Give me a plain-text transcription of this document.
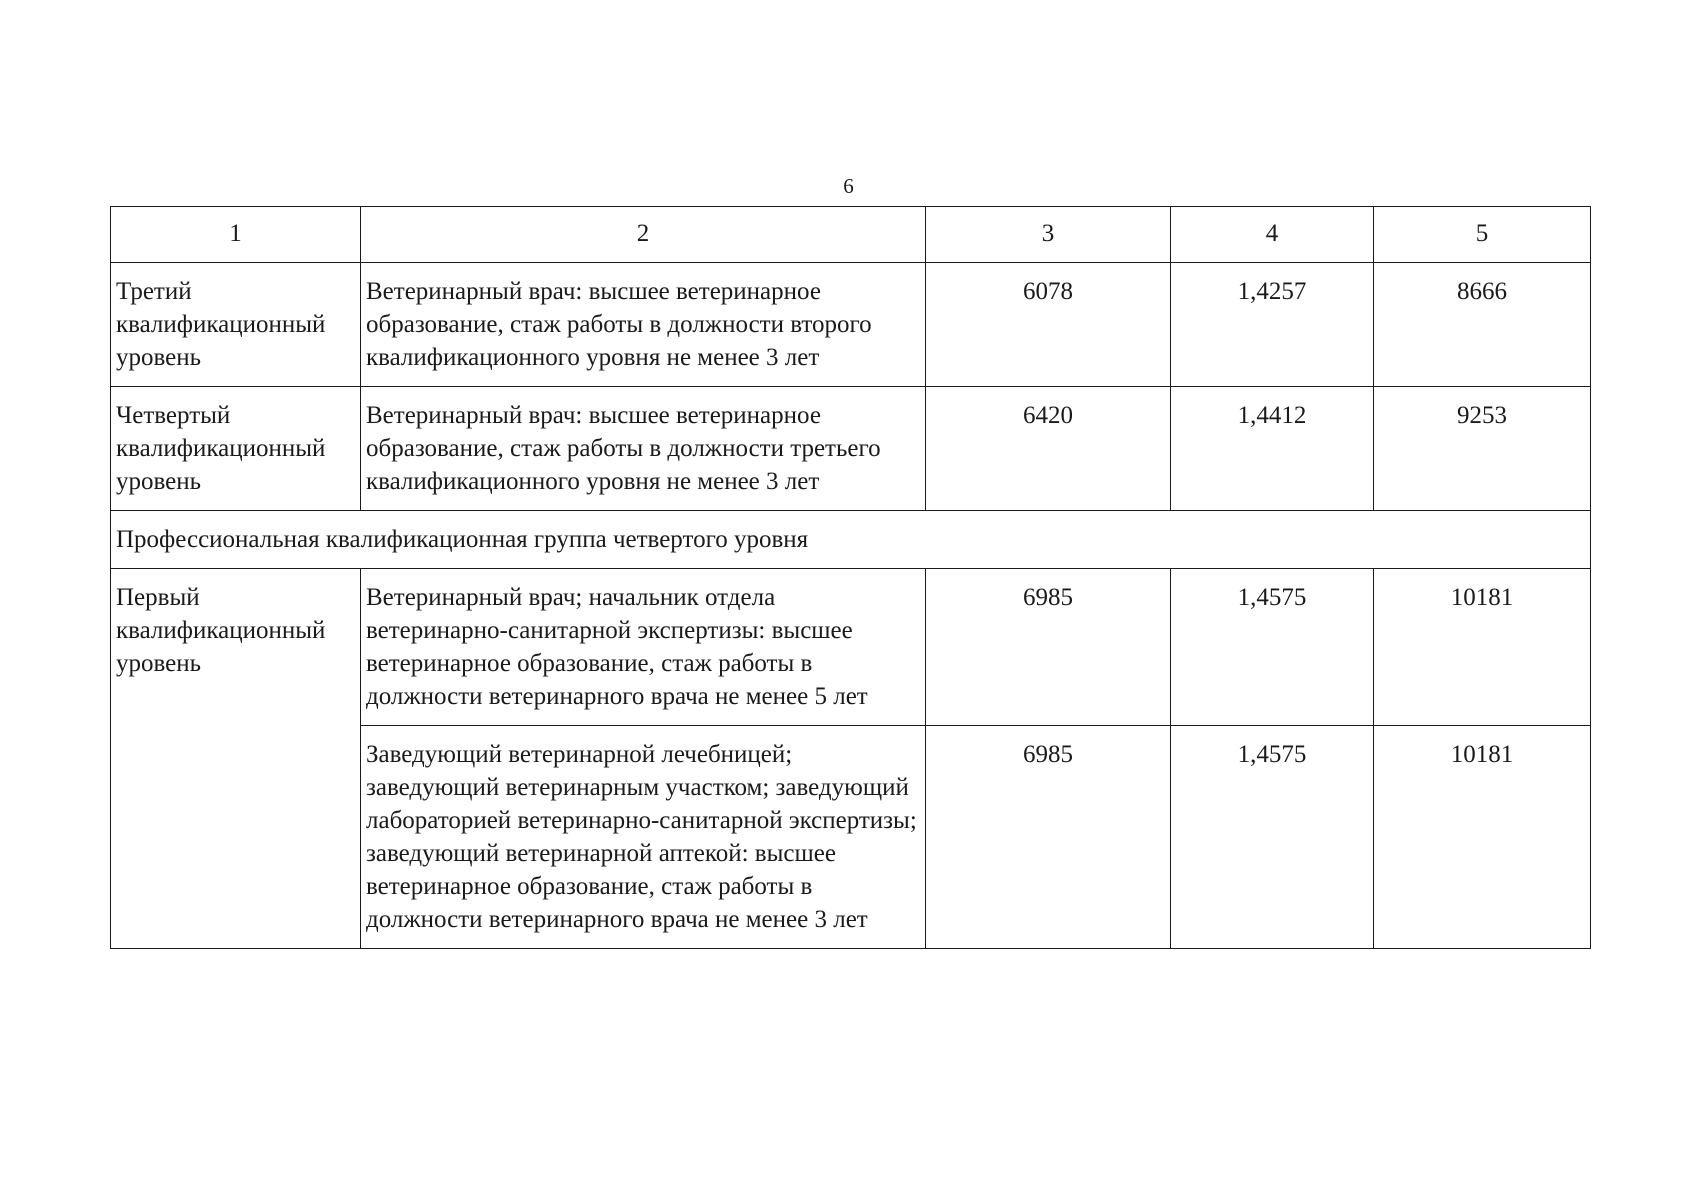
6
1	2	3	4	5
Третий квалификационный уровень	Ветеринарный врач: высшее ветеринарное образование, стаж работы в должности второго квалификационного уровня не менее 3 лет	6078	1,4257	8666
Четвертый квалификационный уровень	Ветеринарный врач: высшее ветеринарное образование, стаж работы в должности третьего квалификационного уровня не менее 3 лет	6420	1,4412	9253
Профессиональная квалификационная группа четвертого уровня				
Первый квалификационный уровень	Ветеринарный врач; начальник отдела ветеринарно-санитарной экспертизы: высшее ветеринарное образование, стаж работы в должности ветеринарного врача не менее 5 лет	6985	1,4575	10181
	Заведующий ветеринарной лечебницей; заведующий ветеринарным участком; заведующий лабораторией ветеринарно-санитарной экспертизы; заведующий ветеринарной аптекой: высшее ветеринарное образование, стаж работы в должности ветеринарного врача не менее 3 лет	6985	1,4575	10181
